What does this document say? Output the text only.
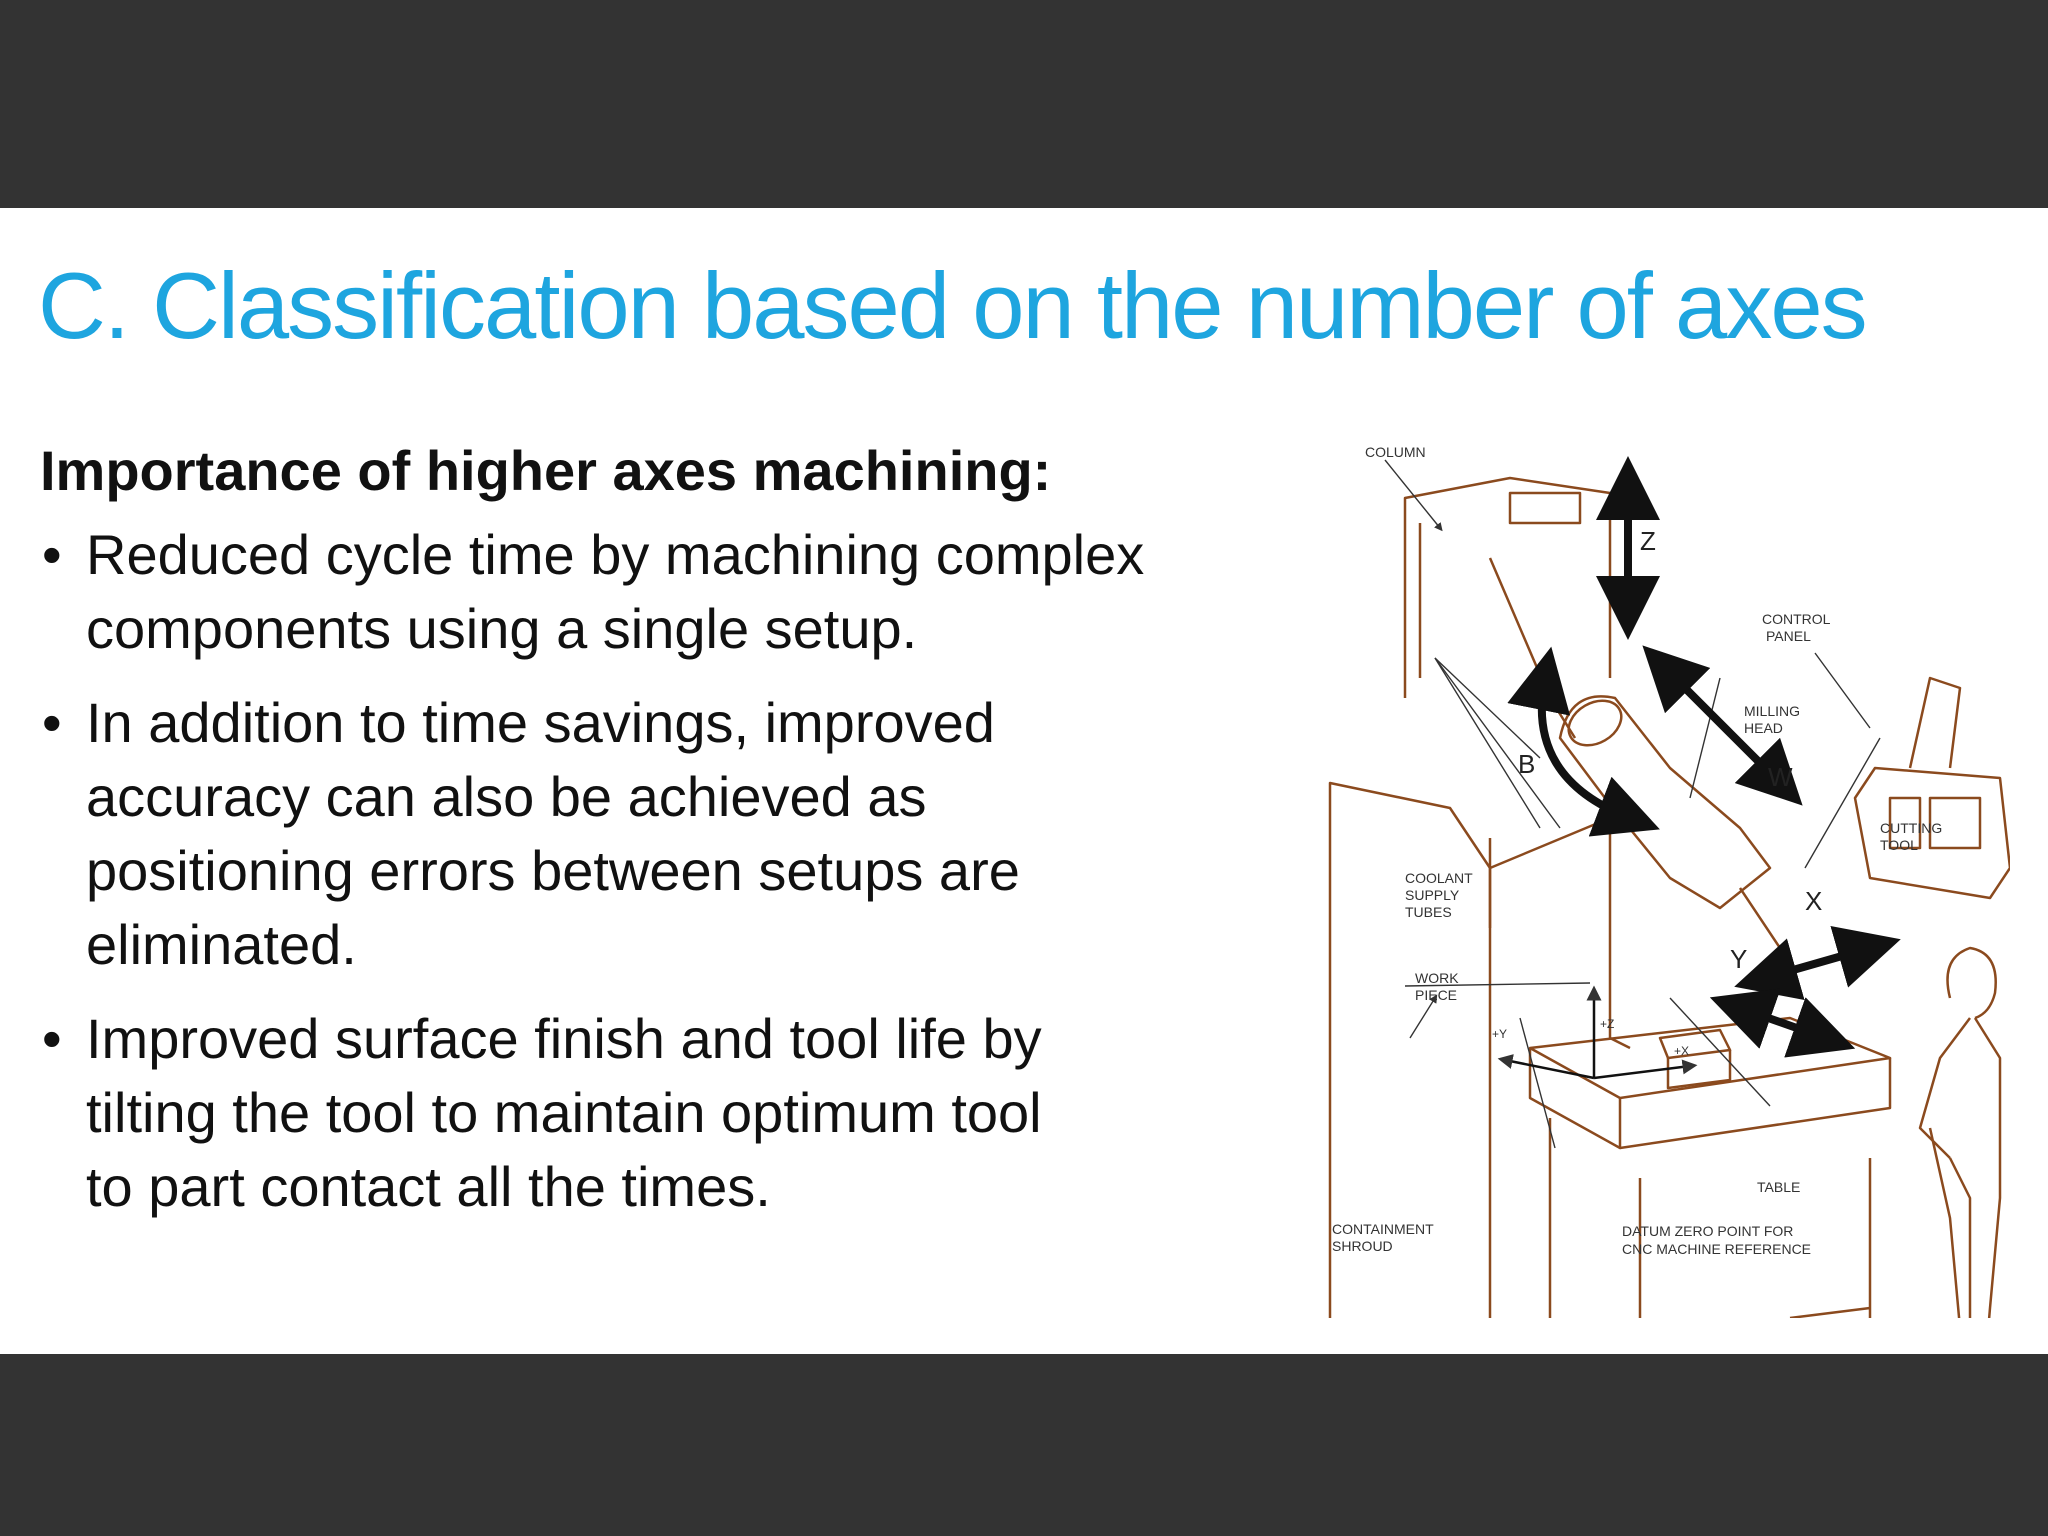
C. Classification based on the number of axes
Importance of higher axes machining:
• Reduced cycle time by machining complex
components using a single setup.
• In addition to time savings, improved
accuracy can also be achieved as
positioning errors between setups are
eliminated.
• Improved surface finish and tool life by
tilting the tool to maintain optimum tool
to part contact all the times.
Z
B	W
X
Y
+Z
+Y
+X
COLUMN
CONTROL
PANEL
MILLING
HEAD
CUTTING
TOOL
COOLANT
SUPPLY
TUBES
WORK
PIECE
CONTAINMENT
SHROUD
TABLE
DATUM ZERO POINT FOR
CNC MACHINE REFERENCE
